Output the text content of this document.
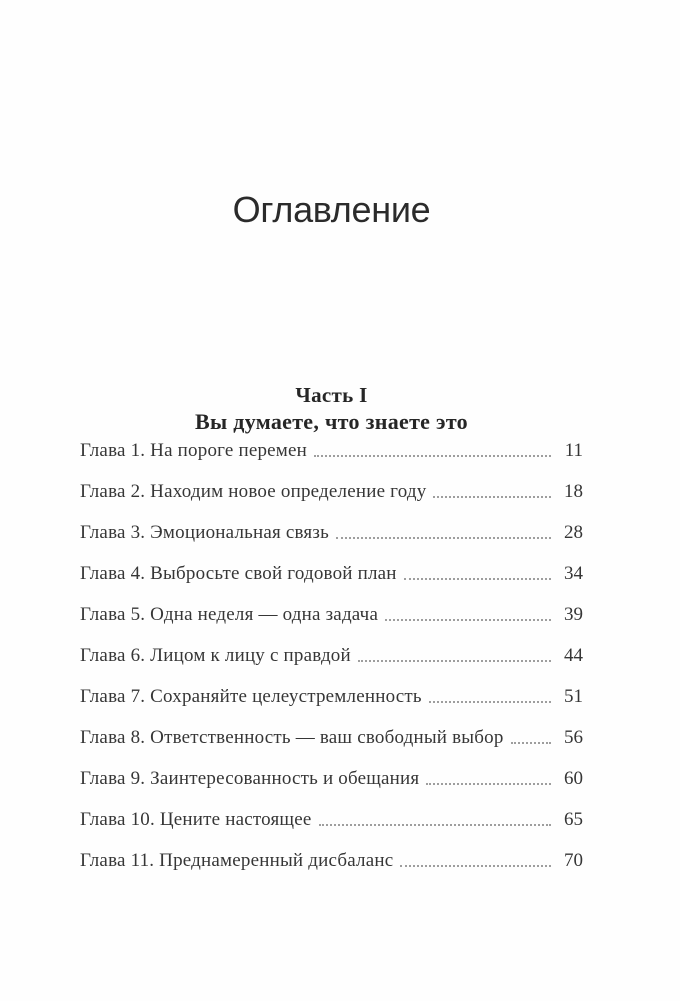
Оглавление
Часть I
Вы думаете, что знаете это
Глава 1. На пороге перемен	11
Глава 2. Находим новое определение году	18
Глава 3. Эмоциональная связь	28
Глава 4. Выбросьте свой годовой план	34
Глава 5. Одна неделя — одна задача	39
Глава 6. Лицом к лицу с правдой	44
Глава 7. Сохраняйте целеустремленность	51
Глава 8. Ответственность — ваш свободный выбор	56
Глава 9. Заинтересованность и обещания	60
Глава 10. Цените настоящее	65
Глава 11. Преднамеренный дисбаланс	70
